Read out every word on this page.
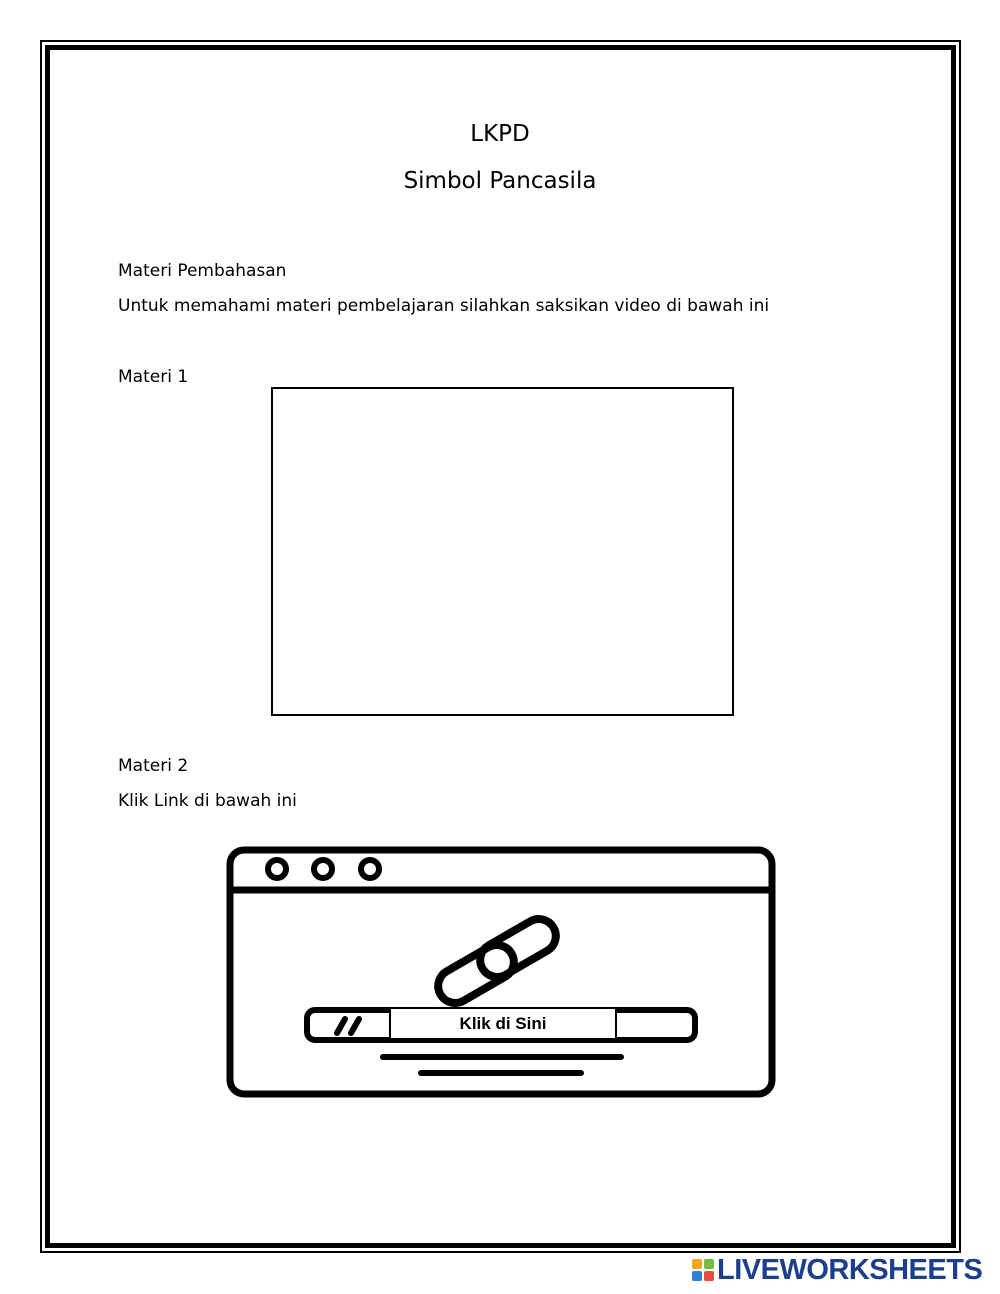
LKPD
Simbol Pancasila
Materi Pembahasan
Untuk memahami materi pembelajaran silahkan saksikan video di bawah ini
Materi 1
Materi 2
Klik Link di bawah ini
Klik di Sini
LIVEWORKSHEETS
